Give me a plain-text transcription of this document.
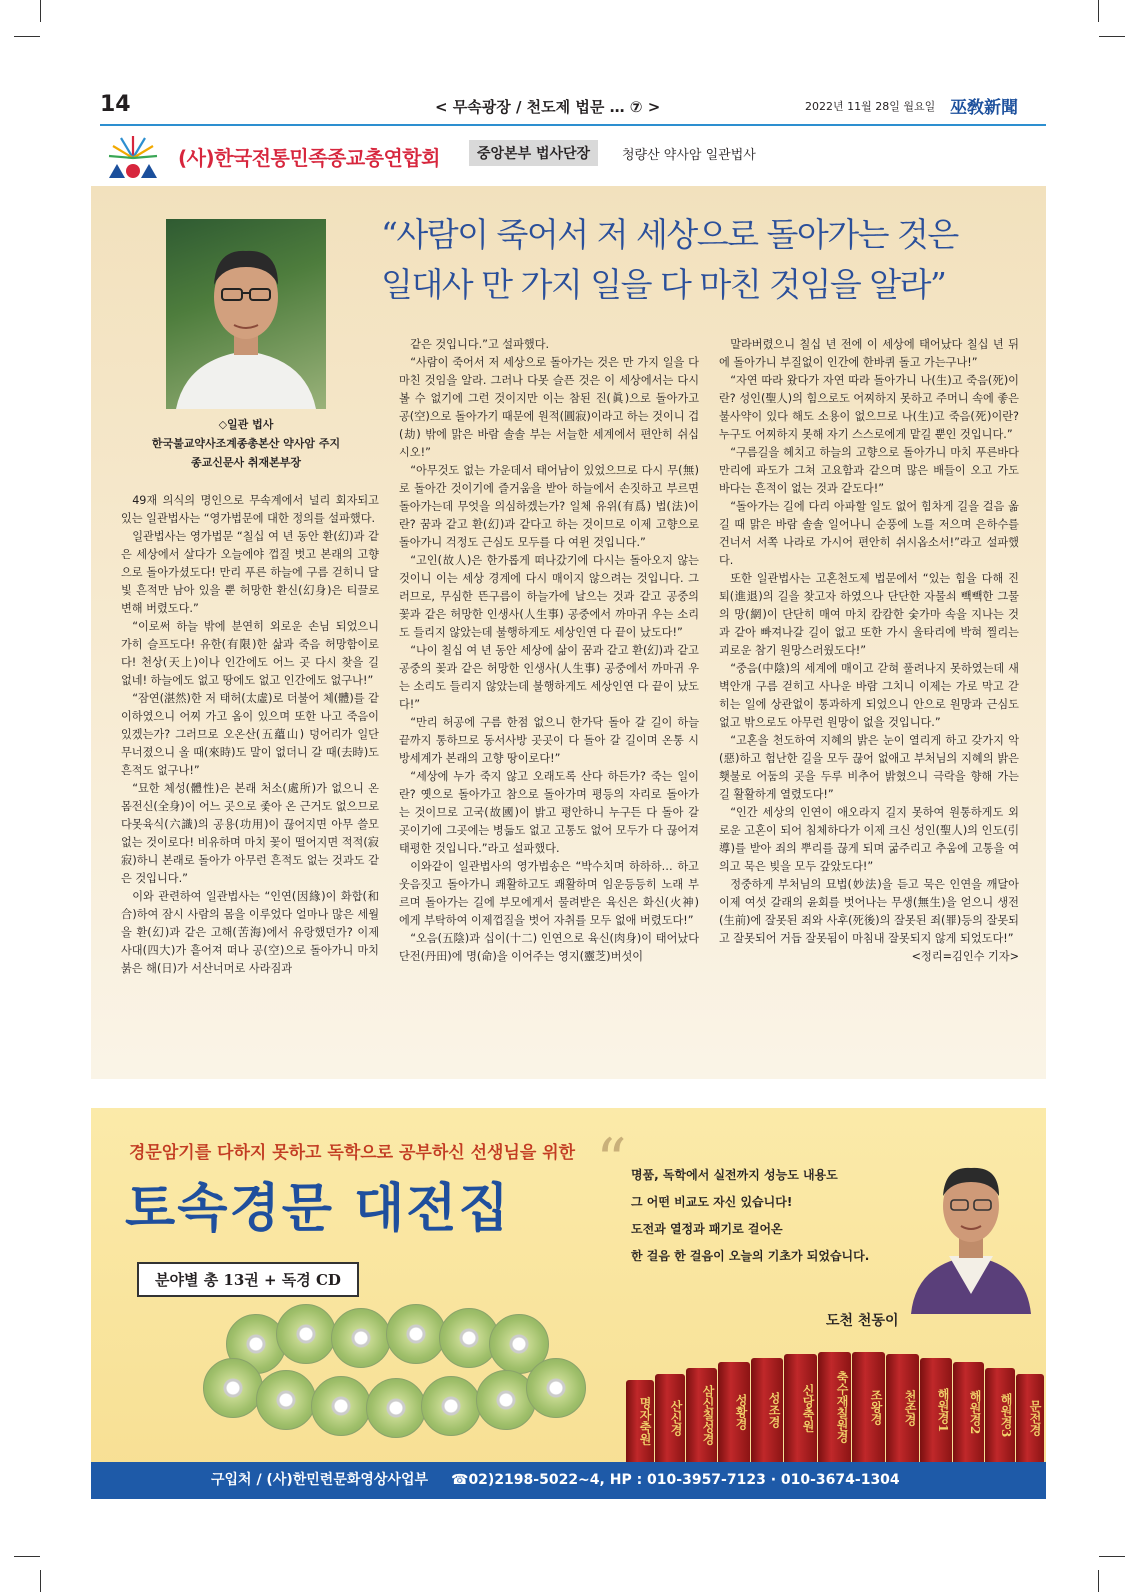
14	< 무속광장 / 천도제 법문 … ⑦ >	2022년 11월 28일 월요일 巫敎新聞
(사)한국전통민족종교총연합회	중앙본부 법사단장	청량산 약사암 일관법사
“사람이 죽어서 저 세상으로 돌아가는 것은
일대사 만 가지 일을 다 마친 것임을 알라”
◇일관 법사
한국불교약사조계종총본산 약사암 주지
종교신문사 취재본부장

49재 의식의 명인으로 무속계에서 널리 회자되고 있는 일관법사는 “영가법문에 대한 정의를 설파했다.

일관법사는 영가법문 “칠십 여 년 동안 환(幻)과 같은 세상에서 살다가 오늘에야 껍질 벗고 본래의 고향으로 돌아가셨도다! 만리 푸른 하늘에 구름 걷히니 달빛 흔적만 남아 있을 뿐 허망한 환신(幻身)은 티끌로 변해 버렸도다.”

“이로써 하늘 밖에 분연히 외로운 손님 되었으니 가히 슬프도다! 유한(有限)한 삶과 죽음 허망함이로다! 천상(天上)이나 인간에도 어느 곳 다시 찾을 길 없네! 하늘에도 없고 땅에도 없고 인간에도 없구나!”

“잠연(湛然)한 저 태허(太虛)로 더불어 체(體)를 같이하였으니 어찌 가고 옴이 있으며 또한 나고 죽음이 있겠는가? 그러므로 오온산(五蘊山) 덩어리가 일단 무너졌으니 올 때(來時)도 말이 없더니 갈 때(去時)도 흔적도 없구나!”

“묘한 체성(體性)은 본래 처소(處所)가 없으니 온몸전신(全身)이 어느 곳으로 좇아 온 근거도 없으므로 다못육식(六識)의 공용(功用)이 끊어지면 아무 쓸모없는 것이로다! 비유하며 마치 꽃이 떨어지면 적적(寂寂)하니 본래로 돌아가 아무런 흔적도 없는 것과도 같은 것입니다.”

이와 관련하여 일관법사는 “인연(因緣)이 화합(和合)하여 잠시 사람의 몸을 이루었다 얼마나 많은 세월을 환(幻)과 같은 고해(苦海)에서 유랑했던가? 이제 사대(四大)가 흩어져 떠나 공(空)으로 돌아가니 마치 붉은 해(日)가 서산너머로 사라짐과

같은 것입니다.”고 설파했다.

“사람이 죽어서 저 세상으로 돌아가는 것은 만 가지 일을 다 마친 것임을 알라. 그러나 다못 슬픈 것은 이 세상에서는 다시 볼 수 없기에 그런 것이지만 이는 참된 진(眞)으로 돌아가고 공(空)으로 돌아가기 때문에 원적(圓寂)이라고 하는 것이니 겁(劫) 밖에 맑은 바람 솔솔 부는 서늘한 세계에서 편안히 쉬십시오!”

“아무것도 없는 가운데서 태어남이 있었으므로 다시 무(無)로 돌아간 것이기에 즐거움을 받아 하늘에서 손짓하고 부르면 돌아가는데 무엇을 의심하겠는가? 일체 유위(有爲) 법(法)이란? 꿈과 같고 환(幻)과 같다고 하는 것이므로 이제 고향으로 돌아가니 걱정도 근심도 모두를 다 여윈 것입니다.”

“고인(故人)은 한가롭게 떠나갔기에 다시는 돌아오지 않는 것이니 이는 세상 경계에 다시 매이지 않으려는 것입니다. 그러므로, 무심한 뜬구름이 하늘가에 날으는 것과 같고 공중의 꽃과 같은 허망한 인생사(人生事) 공중에서 까마귀 우는 소리도 들리지 않았는데 불행하게도 세상인연 다 끝이 났도다!”

“나이 칠십 여 년 동안 세상에 삶이 꿈과 같고 환(幻)과 같고 공중의 꽃과 같은 허망한 인생사(人生事) 공중에서 까마귀 우는 소리도 들리지 않았는데 불행하게도 세상인연 다 끝이 났도다!”

“만리 허공에 구름 한점 없으니 한가닥 돌아 갈 길이 하늘 끝까지 통하므로 동서사방 곳곳이 다 돌아 갈 길이며 온통 시방세계가 본래의 고향 땅이로다!”

“세상에 누가 죽지 않고 오래도록 산다 하든가? 죽는 일이란? 옛으로 돌아가고 참으로 돌아가며 평등의 자리로 돌아가는 것이므로 고국(故國)이 밝고 평안하니 누구든 다 돌아 갈 곳이기에 그곳에는 병듦도 없고 고통도 없어 모두가 다 끊어져 태평한 것입니다.”라고 설파했다.

이와같이 일관법사의 영가법송은 “박수치며 하하하… 하고 웃음짓고 돌아가니 쾌활하고도 쾌활하며 임운등등히 노래 부르며 돌아가는 길에 부모에게서 물려받은 육신은 화신(火神)에게 부탁하여 이제껍질을 벗어 자취를 모두 없애 버렸도다!”

“오음(五陰)과 십이(十二) 인연으로 육신(肉身)이 태어났다 단전(丹田)에 명(命)을 이어주는 영지(靈芝)버섯이

말라버렸으니 칠십 년 전에 이 세상에 태어났다 칠십 년 뒤에 돌아가니 부질없이 인간에 한바퀴 돌고 가는구나!”

“자연 따라 왔다가 자연 따라 돌아가니 나(生)고 죽음(死)이란? 성인(聖人)의 힘으로도 어찌하지 못하고 주머니 속에 좋은 불사약이 있다 해도 소용이 없으므로 나(生)고 죽음(死)이란? 누구도 어찌하지 못해 자기 스스로에게 맡길 뿐인 것입니다.”

“구름길을 헤치고 하늘의 고향으로 돌아가니 마치 푸른바다 만리에 파도가 그쳐 고요함과 같으며 많은 배들이 오고 가도 바다는 흔적이 없는 것과 같도다!”

“돌아가는 길에 다리 아파할 일도 없어 힘차게 길을 걸음 옮길 때 맑은 바람 솔솔 일어나니 순풍에 노를 저으며 은하수를 건너서 서쪽 나라로 가시어 편안히 쉬시옵소서!”라고 설파했다.

또한 일관법사는 고혼천도제 법문에서 “있는 힘을 다해 진퇴(進退)의 길을 찾고자 하였으나 단단한 자물쇠 빽빽한 그물의 망(網)이 단단히 매여 마치 캄캄한 숯가마 속을 지나는 것과 같아 빠져나갈 길이 없고 또한 가시 울타리에 박혀 찔리는 괴로운 참기 원망스러웠도다!”

“중음(中陰)의 세계에 매이고 갇혀 풀려나지 못하였는데 새벽안개 구름 걷히고 사나운 바람 그치니 이제는 가로 막고 갇히는 일에 상관없이 통과하게 되었으니 안으로 원망과 근심도 없고 밖으로도 아무런 원망이 없을 것입니다.”

“고혼을 천도하여 지혜의 밝은 눈이 열리게 하고 갖가지 악(惡)하고 험난한 길을 모두 끊어 없애고 부처님의 지혜의 밝은 횃불로 어둠의 곳을 두루 비추어 밝혔으니 극락을 향해 가는 길 활활하게 열렸도다!”

“인간 세상의 인연이 애오라지 길지 못하여 원통하게도 외로운 고혼이 되어 침체하다가 이제 크신 성인(聖人)의 인도(引導)를 받아 죄의 뿌리를 끊게 되며 굶주리고 추움에 고통을 여의고 묵은 빚을 모두 갚았도다!”

정중하게 부처님의 묘법(妙法)을 듣고 묵은 인연을 깨달아 이제 여섯 갈래의 윤회를 벗어나는 무생(無生)을 얻으니 생전(生前)에 잘못된 죄와 사후(死後)의 잘못된 죄(罪)등의 잘못되고 잘못되어 거듭 잘못됨이 마침내 잘못되지 않게 되었도다!”

<정리=김인수 기자>

경문암기를 다하지 못하고 독학으로 공부하신 선생님을 위한
토속경문 대전집
분야별 총 13권 + 독경 CD
“ 명품, 독학에서 실전까지 성능도 내용도
그 어떤 비교도 자신 있습니다!
도전과 열정과 패기로 걸어온
한 걸음 한 걸음이 오늘의 기초가 되었습니다.
도천 천동이
명자축원	산신경	삼신칠성경	성황경	성조경	신당축원	축수재칠원경	조왕경	천존경	해원경1	해원경2	해원경3	문전경
구입처 / (사)한민련문화영상사업부 ☎02)2198-5022~4, HP : 010-3957-7123 · 010-3674-1304
